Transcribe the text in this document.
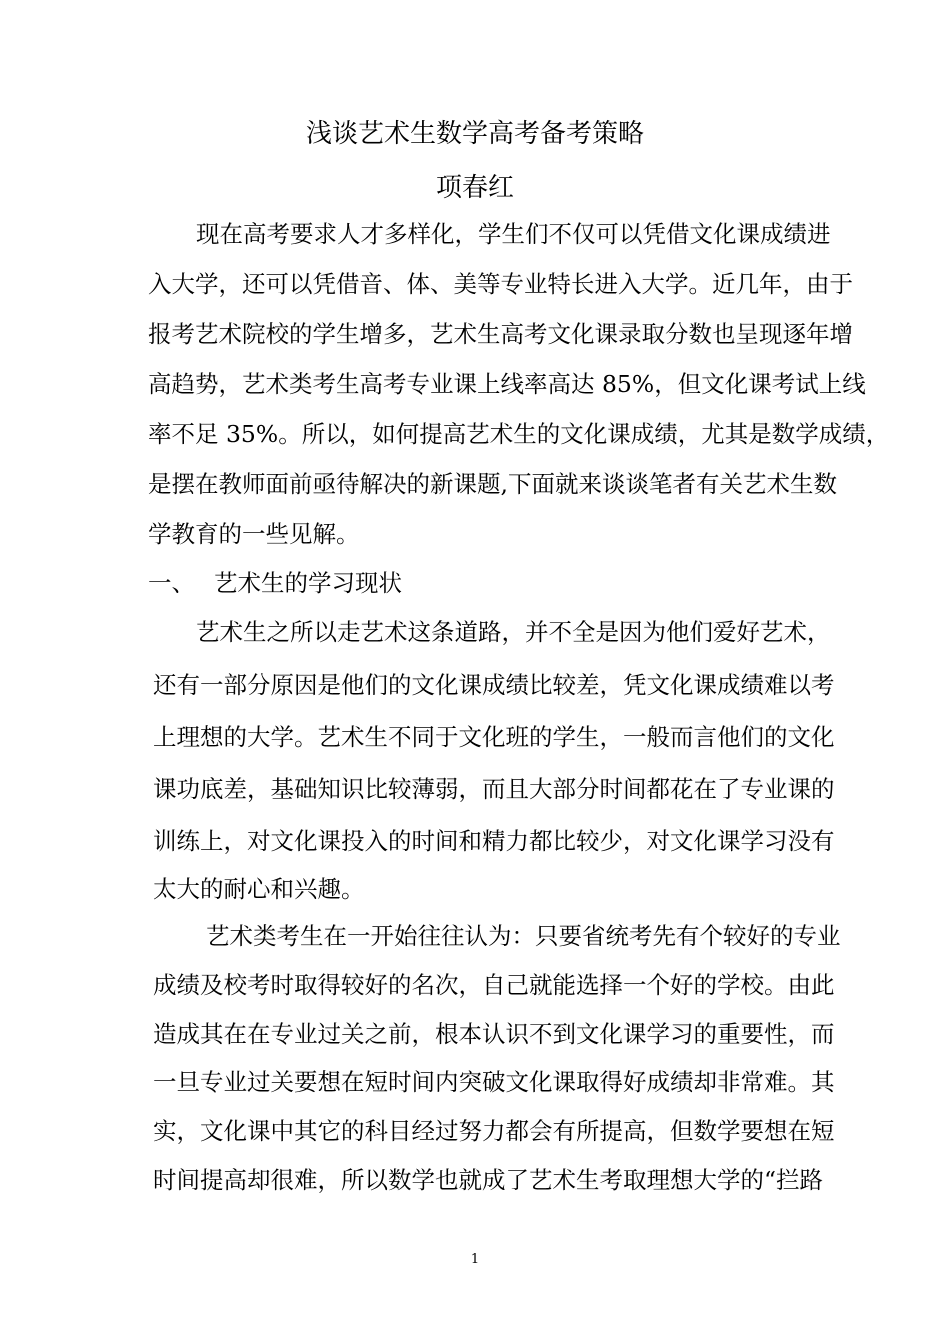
浅谈艺术生数学高考备考策略
项春红
现在高考要求人才多样化，学生们不仅可以凭借文化课成绩进
入大学，还可以凭借音、体、美等专业特长进入大学。近几年，由于
报考艺术院校的学生增多，艺术生高考文化课录取分数也呈现逐年增
高趋势，艺术类考生高考专业课上线率高达 85%，但文化课考试上线
率不足 35%。所以，如何提高艺术生的文化课成绩，尤其是数学成绩，
是摆在教师面前亟待解决的新课题,下面就来谈谈笔者有关艺术生数
学教育的一些见解。
一、 艺术生的学习现状
艺术生之所以走艺术这条道路，并不全是因为他们爱好艺术，
还有一部分原因是他们的文化课成绩比较差，凭文化课成绩难以考
上理想的大学。艺术生不同于文化班的学生，一般而言他们的文化
课功底差，基础知识比较薄弱，而且大部分时间都花在了专业课的
训练上，对文化课投入的时间和精力都比较少，对文化课学习没有
太大的耐心和兴趣。
艺术类考生在一开始往往认为：只要省统考先有个较好的专业
成绩及校考时取得较好的名次，自己就能选择一个好的学校。由此
造成其在在专业过关之前，根本认识不到文化课学习的重要性，而
一旦专业过关要想在短时间内突破文化课取得好成绩却非常难。其
实，文化课中其它的科目经过努力都会有所提高，但数学要想在短
时间提高却很难，所以数学也就成了艺术生考取理想大学的“拦路
1
